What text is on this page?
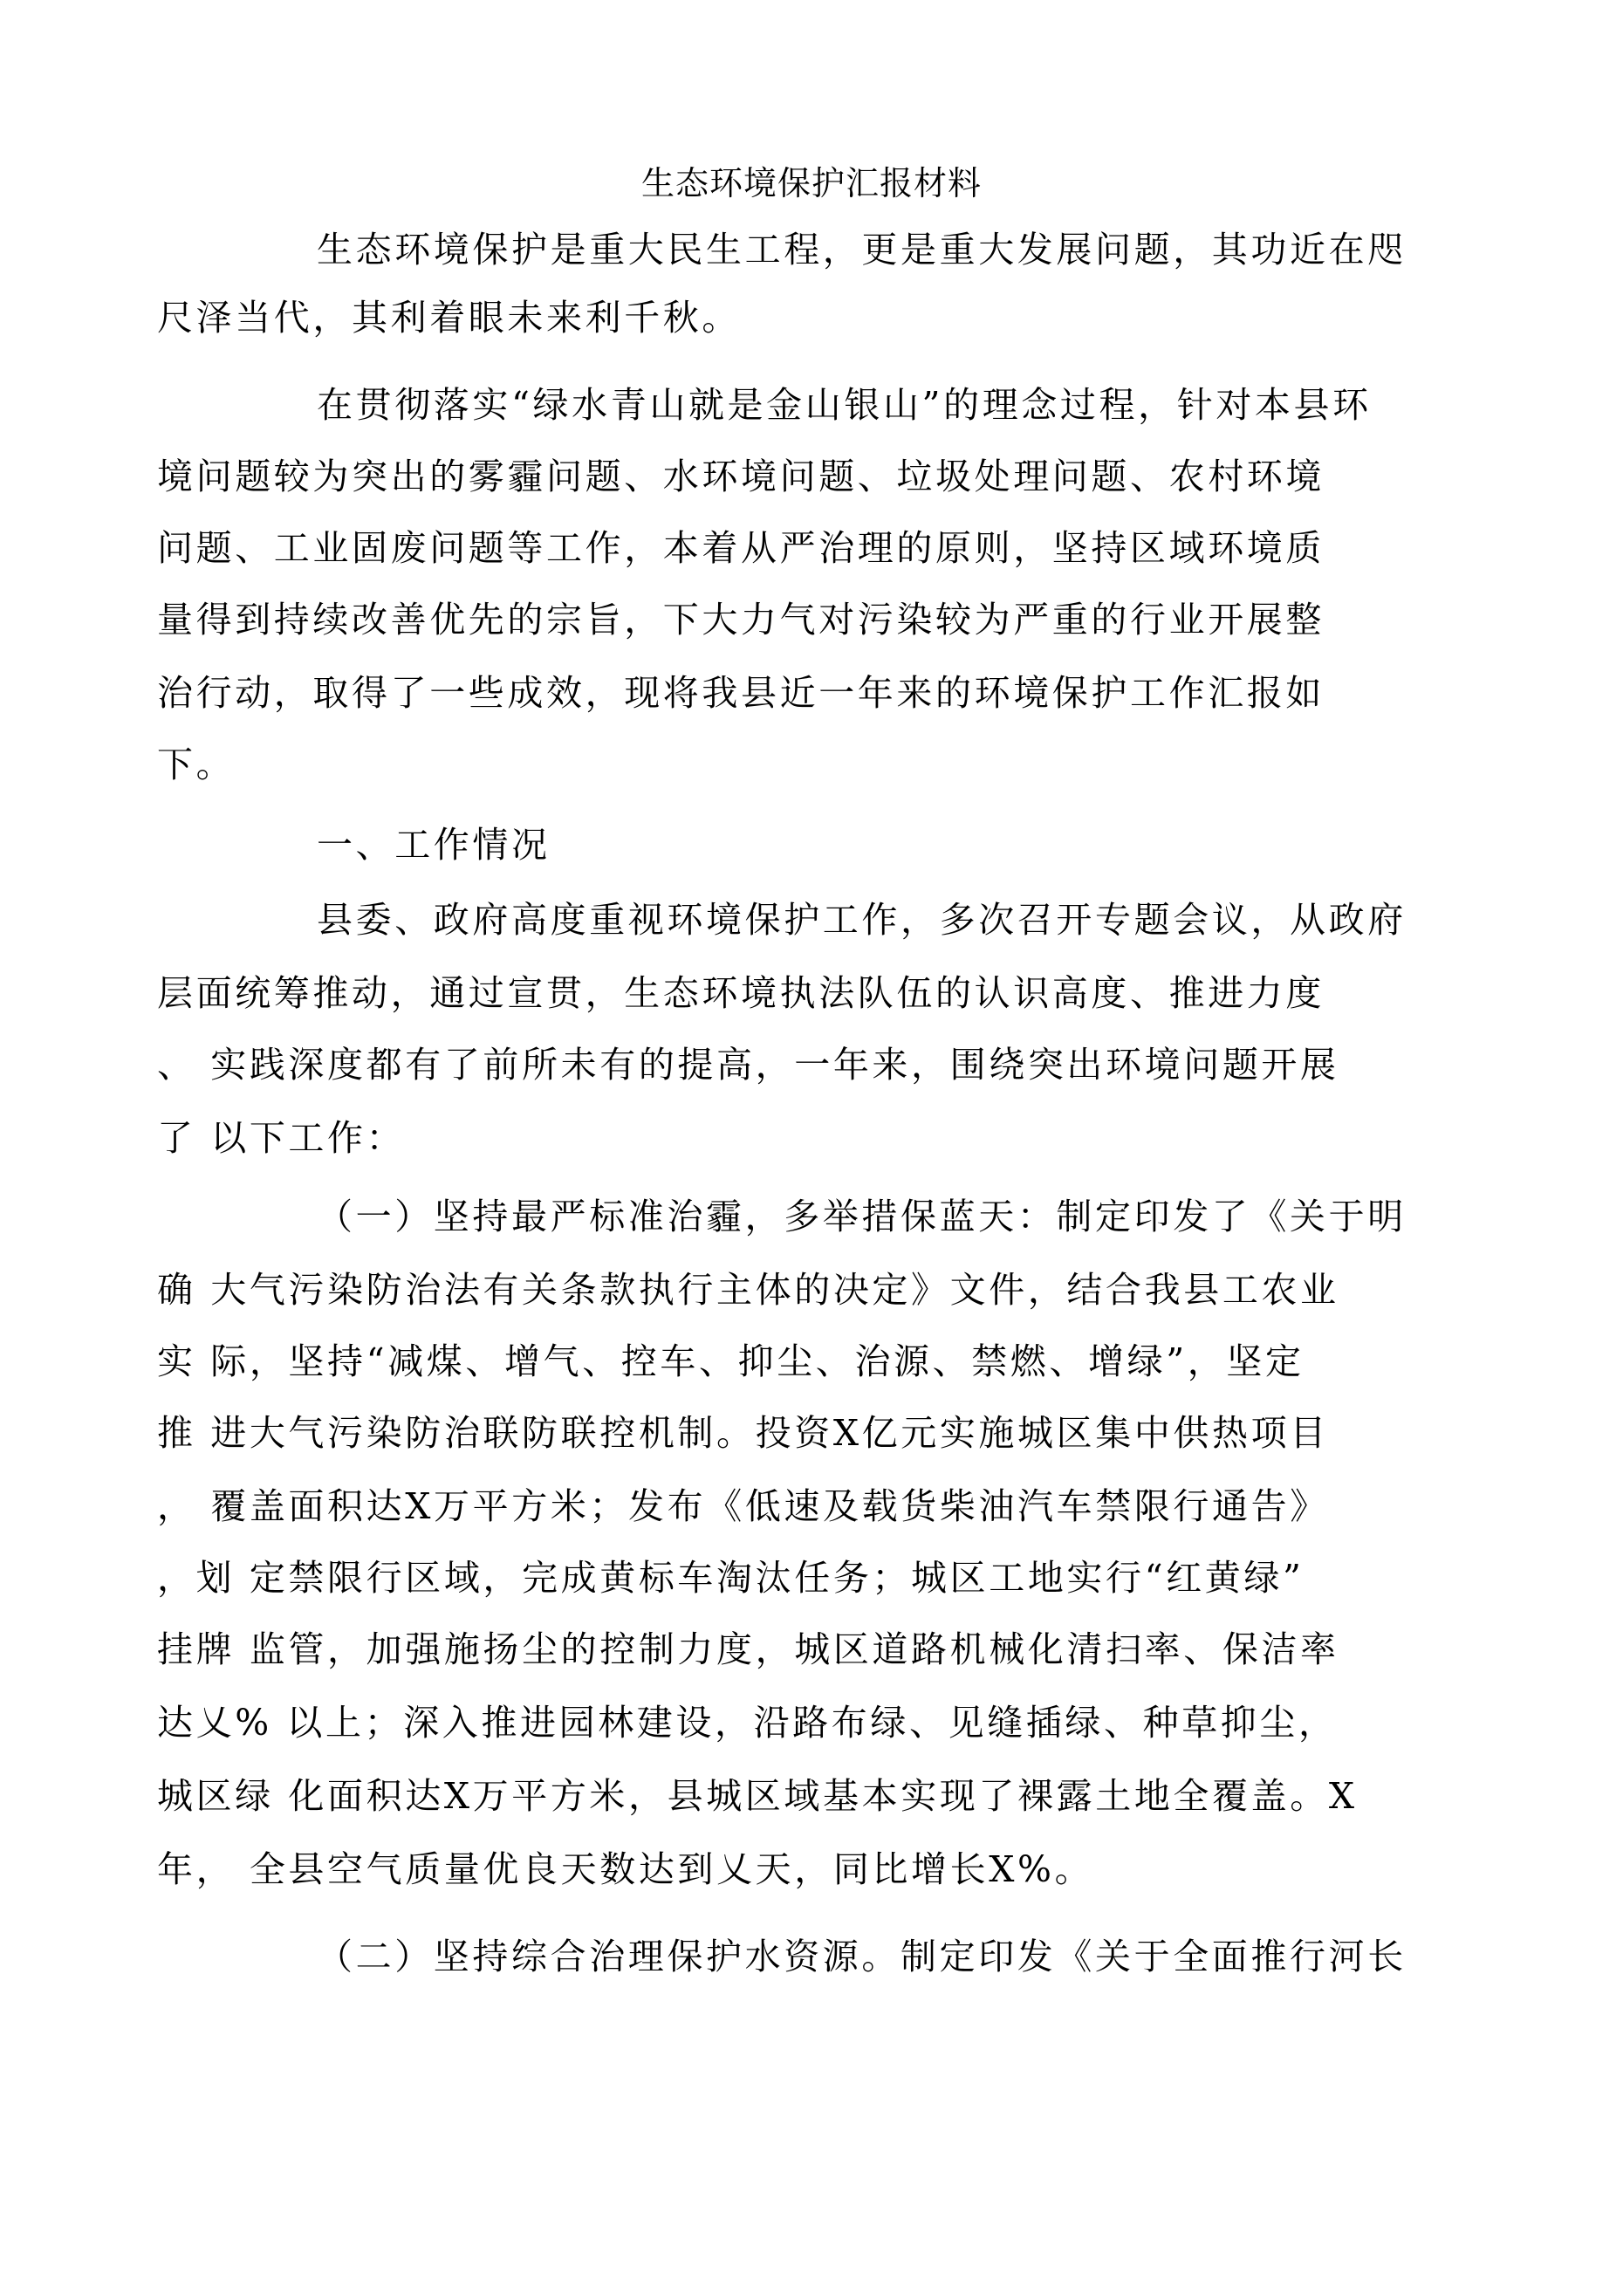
生态环境保护汇报材料
生态环境保护是重大民生工程，更是重大发展问题，其功近在咫
尺泽当代，其利着眼未来利千秋。
在贯彻落实“绿水青山就是金山银山”的理念过程，针对本县环
境问题较为突出的雾霾问题、水环境问题、垃圾处理问题、农村环境
问题、工业固废问题等工作，本着从严治理的原则，坚持区域环境质
量得到持续改善优先的宗旨，下大力气对污染较为严重的行业开展整
治行动，取得了一些成效，现将我县近一年来的环境保护工作汇报如
下。
一、工作情况
县委、政府高度重视环境保护工作，多次召开专题会议，从政府
层面统筹推动，通过宣贯，生态环境执法队伍的认识高度、推进力度
、 实践深度都有了前所未有的提高，一年来，围绕突出环境问题开展
了 以下工作：
（一）坚持最严标准治霾，多举措保蓝天：制定印发了《关于明
确 大气污染防治法有关条款执行主体的决定》文件，结合我县工农业
实 际，坚持“减煤、增气、控车、抑尘、治源、禁燃、增绿”，坚定
推 进大气污染防治联防联控机制。投资X亿元实施城区集中供热项目
， 覆盖面积达X万平方米；发布《低速及载货柴油汽车禁限行通告》
，划 定禁限行区域，完成黄标车淘汰任务；城区工地实行“红黄绿”
挂牌 监管，加强施扬尘的控制力度，城区道路机械化清扫率、保洁率
达乂% 以上；深入推进园林建设，沿路布绿、见缝插绿、种草抑尘，
城区绿 化面积达X万平方米，县城区域基本实现了裸露土地全覆盖。X
年， 全县空气质量优良天数达到乂天，同比增长X%。
（二）坚持综合治理保护水资源。制定印发《关于全面推行河长
